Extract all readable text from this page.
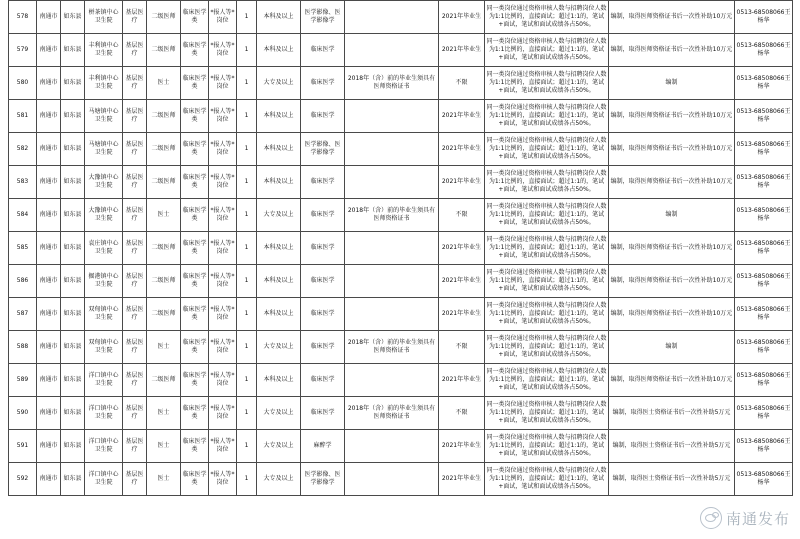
578	南通市	如东县	栟茶镇中心卫生院	基层医疗	二级医师	临床医学类	*报人等*岗位	1	本科及以上	医学影像、医学影像学		2021年毕业生	同一类岗位通过资格审核人数与招聘岗位人数为1:1比例的，直接面试；超过1:1的，笔试+面试，笔试和面试成绩各占50%。	编制，取得医师资格证书后一次性补助10万元	0513-68508066王杨华
579	南通市	如东县	丰利镇中心卫生院	基层医疗	二级医师	临床医学类	*报人等*岗位	1	本科及以上	临床医学		2021年毕业生	同一类岗位通过资格审核人数与招聘岗位人数为1:1比例的，直接面试；超过1:1的，笔试+面试，笔试和面试成绩各占50%。	编制，取得医师资格证书后一次性补助10万元	0513-68508066王杨华
580	南通市	如东县	丰利镇中心卫生院	基层医疗	医士	临床医学类	*报人等*岗位	1	大专及以上	临床医学	2018年（含）前的毕业生须具有医师资格证书	不限	同一类岗位通过资格审核人数与招聘岗位人数为1:1比例的，直接面试；超过1:1的，笔试+面试，笔试和面试成绩各占50%。	编制	0513-68508066王杨华
581	南通市	如东县	马塘镇中心卫生院	基层医疗	二级医师	临床医学类	*报人等*岗位	1	本科及以上	临床医学		2021年毕业生	同一类岗位通过资格审核人数与招聘岗位人数为1:1比例的，直接面试；超过1:1的，笔试+面试，笔试和面试成绩各占50%。	编制，取得医师资格证书后一次性补助10万元	0513-68508066王杨华
582	南通市	如东县	马塘镇中心卫生院	基层医疗	二级医师	临床医学类	*报人等*岗位	1	本科及以上	医学影像、医学影像学		2021年毕业生	同一类岗位通过资格审核人数与招聘岗位人数为1:1比例的，直接面试；超过1:1的，笔试+面试，笔试和面试成绩各占50%。	编制，取得医师资格证书后一次性补助10万元	0513-68508066王杨华
583	南通市	如东县	大豫镇中心卫生院	基层医疗	二级医师	临床医学类	*报人等*岗位	1	本科及以上	临床医学		2021年毕业生	同一类岗位通过资格审核人数与招聘岗位人数为1:1比例的，直接面试；超过1:1的，笔试+面试，笔试和面试成绩各占50%。	编制，取得医师资格证书后一次性补助10万元	0513-68508066王杨华
584	南通市	如东县	大豫镇中心卫生院	基层医疗	医士	临床医学类	*报人等*岗位	1	大专及以上	临床医学	2018年（含）前的毕业生须具有医师资格证书	不限	同一类岗位通过资格审核人数与招聘岗位人数为1:1比例的，直接面试；超过1:1的，笔试+面试，笔试和面试成绩各占50%。	编制	0513-68508066王杨华
585	南通市	如东县	袁庄镇中心卫生院	基层医疗	二级医师	临床医学类	*报人等*岗位	1	本科及以上	临床医学		2021年毕业生	同一类岗位通过资格审核人数与招聘岗位人数为1:1比例的，直接面试；超过1:1的，笔试+面试，笔试和面试成绩各占50%。	编制，取得医师资格证书后一次性补助10万元	0513-68508066王杨华
586	南通市	如东县	掘港镇中心卫生院	基层医疗	二级医师	临床医学类	*报人等*岗位	1	本科及以上	临床医学		2021年毕业生	同一类岗位通过资格审核人数与招聘岗位人数为1:1比例的，直接面试；超过1:1的，笔试+面试，笔试和面试成绩各占50%。	编制，取得医师资格证书后一次性补助10万元	0513-68508066王杨华
587	南通市	如东县	双甸镇中心卫生院	基层医疗	二级医师	临床医学类	*报人等*岗位	1	本科及以上	临床医学		2021年毕业生	同一类岗位通过资格审核人数与招聘岗位人数为1:1比例的，直接面试；超过1:1的，笔试+面试，笔试和面试成绩各占50%。	编制，取得医师资格证书后一次性补助10万元	0513-68508066王杨华
588	南通市	如东县	双甸镇中心卫生院	基层医疗	医士	临床医学类	*报人等*岗位	1	大专及以上	临床医学	2018年（含）前的毕业生须具有医师资格证书	不限	同一类岗位通过资格审核人数与招聘岗位人数为1:1比例的，直接面试；超过1:1的，笔试+面试，笔试和面试成绩各占50%。	编制	0513-68508066王杨华
589	南通市	如东县	洋口镇中心卫生院	基层医疗	二级医师	临床医学类	*报人等*岗位	1	本科及以上	临床医学		2021年毕业生	同一类岗位通过资格审核人数与招聘岗位人数为1:1比例的，直接面试；超过1:1的，笔试+面试，笔试和面试成绩各占50%。	编制，取得医师资格证书后一次性补助10万元	0513-68508066王杨华
590	南通市	如东县	洋口镇中心卫生院	基层医疗	医士	临床医学类	*报人等*岗位	1	大专及以上	临床医学	2018年（含）前的毕业生须具有医师资格证书	不限	同一类岗位通过资格审核人数与招聘岗位人数为1:1比例的，直接面试；超过1:1的，笔试+面试，笔试和面试成绩各占50%。	编制，取得医士资格证书后一次性补助5万元	0513-68508066王杨华
591	南通市	如东县	洋口镇中心卫生院	基层医疗	医士	临床医学类	*报人等*岗位	1	大专及以上	麻醉学		2021年毕业生	同一类岗位通过资格审核人数与招聘岗位人数为1:1比例的，直接面试；超过1:1的，笔试+面试，笔试和面试成绩各占50%。	编制，取得医士资格证书后一次性补助5万元	0513-68508066王杨华
592	南通市	如东县	洋口镇中心卫生院	基层医疗	医士	临床医学类	*报人等*岗位	1	大专及以上	医学影像、医学影像学		2021年毕业生	同一类岗位通过资格审核人数与招聘岗位人数为1:1比例的，直接面试；超过1:1的，笔试+面试，笔试和面试成绩各占50%。	编制，取得医士资格证书后一次性补助5万元	0513-68508066王杨华
南通发布
